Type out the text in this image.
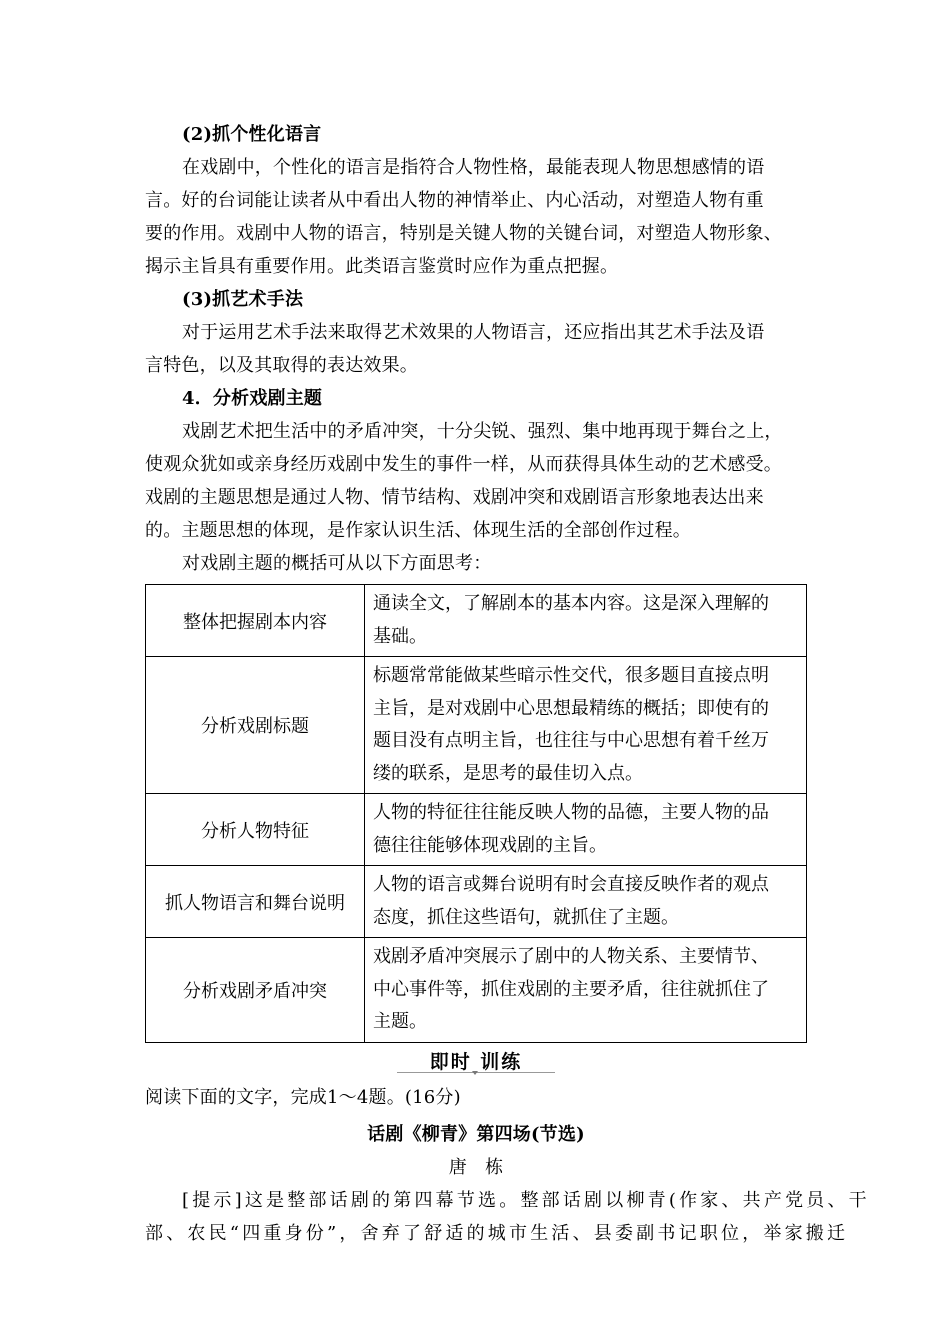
(2)抓个性化语言
在戏剧中，个性化的语言是指符合人物性格，最能表现人物思想感情的语
言。好的台词能让读者从中看出人物的神情举止、内心活动，对塑造人物有重
要的作用。戏剧中人物的语言，特别是关键人物的关键台词，对塑造人物形象、
揭示主旨具有重要作用。此类语言鉴赏时应作为重点把握。
(3)抓艺术手法
对于运用艺术手法来取得艺术效果的人物语言，还应指出其艺术手法及语
言特色，以及其取得的表达效果。
4．分析戏剧主题
戏剧艺术把生活中的矛盾冲突，十分尖锐、强烈、集中地再现于舞台之上，
使观众犹如或亲身经历戏剧中发生的事件一样，从而获得具体生动的艺术感受。
戏剧的主题思想是通过人物、情节结构、戏剧冲突和戏剧语言形象地表达出来
的。主题思想的体现，是作家认识生活、体现生活的全部创作过程。
对戏剧主题的概括可从以下方面思考：
整体把握剧本内容	通读全文，了解剧本的基本内容。这是深入理解的
基础。

分析戏剧标题	标题常常能做某些暗示性交代，很多题目直接点明
主旨，是对戏剧中心思想最精练的概括；即使有的
题目没有点明主旨，也往往与中心思想有着千丝万
缕的联系，是思考的最佳切入点。

分析人物特征	人物的特征往往能反映人物的品德，主要人物的品
德往往能够体现戏剧的主旨。

抓人物语言和舞台说明	人物的语言或舞台说明有时会直接反映作者的观点
态度，抓住这些语句，就抓住了主题。

分析戏剧矛盾冲突	戏剧矛盾冲突展示了剧中的人物关系、主要情节、
中心事件等，抓住戏剧的主要矛盾，往往就抓住了
主题。
即时 训练
阅读下面的文字，完成1～4题。(16分)
话剧《柳青》第四场(节选)
唐　栋
[提示]这是整部话剧的第四幕节选。整部话剧以柳青(作家、共产党员、干
部、农民“四重身份”，舍弃了舒适的城市生活、县委副书记职位，举家搬迁
